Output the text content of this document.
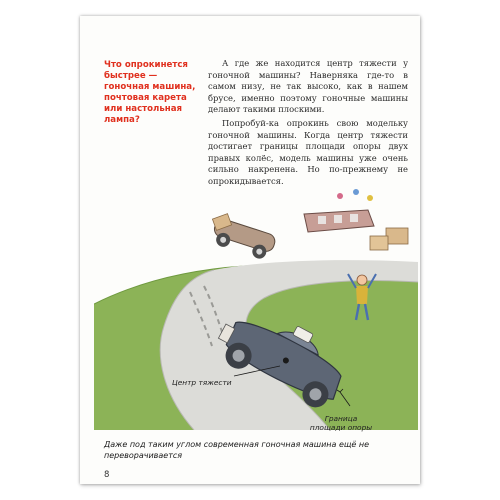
Что опрокинется быстрее — гоночная машина, почтовая карета или настольная лампа?

А где же находится центр тяжести у гоночной машины? Наверняка где-то в самом низу, не так высоко, как в нашем брусе, именно поэтому гоночные машины делают такими плоскими.

Попробуй-ка опрокинь свою модельку гоночной машины. Когда центр тяжести достигает границы площади опоры двух правых колёс, модель машины уже очень сильно накренена. Но по-прежнему не опрокидывается.

Центр тяжести
Граница площади опоры
Даже под таким углом современная гоночная машина ещё не переворачивается
8
